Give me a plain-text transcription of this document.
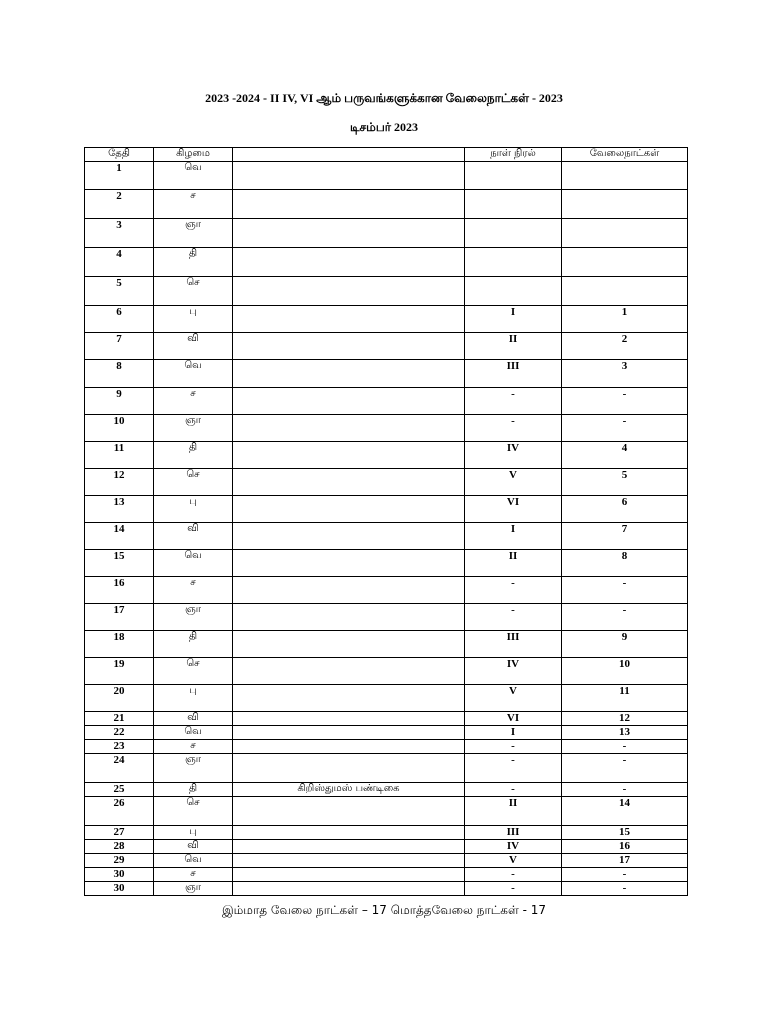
2023 -2024 - II IV, VI ஆம் பருவங்களுக்கான வேலைநாட்கள் - 2023
டிசம்பர் 2023
தேதி	கிழமை		நாள் நிரல்	வேலைநாட்கள்
1	வெ			
2	ச			
3	ஞா			
4	தி			
5	செ			
6	பு		I	1
7	வி		II	2
8	வெ		III	3
9	ச		-	-
10	ஞா		-	-
11	தி		IV	4
12	செ		V	5
13	பு		VI	6
14	வி		I	7
15	வெ		II	8
16	ச		-	-
17	ஞா		-	-
18	தி		III	9
19	செ		IV	10
20	பு		V	11
21	வி		VI	12
22	வெ		I	13
23	ச		-	-
24	ஞா		-	-
25	தி	கிறிஸ்துமஸ் பண்டிகை	-	-
26	செ		II	14
27	பு		III	15
28	வி		IV	16
29	வெ		V	17
30	ச		-	-
30	ஞா		-	-
இம்மாத வேலை நாட்கள் – 17 மொத்தவேலை நாட்கள் - 17
